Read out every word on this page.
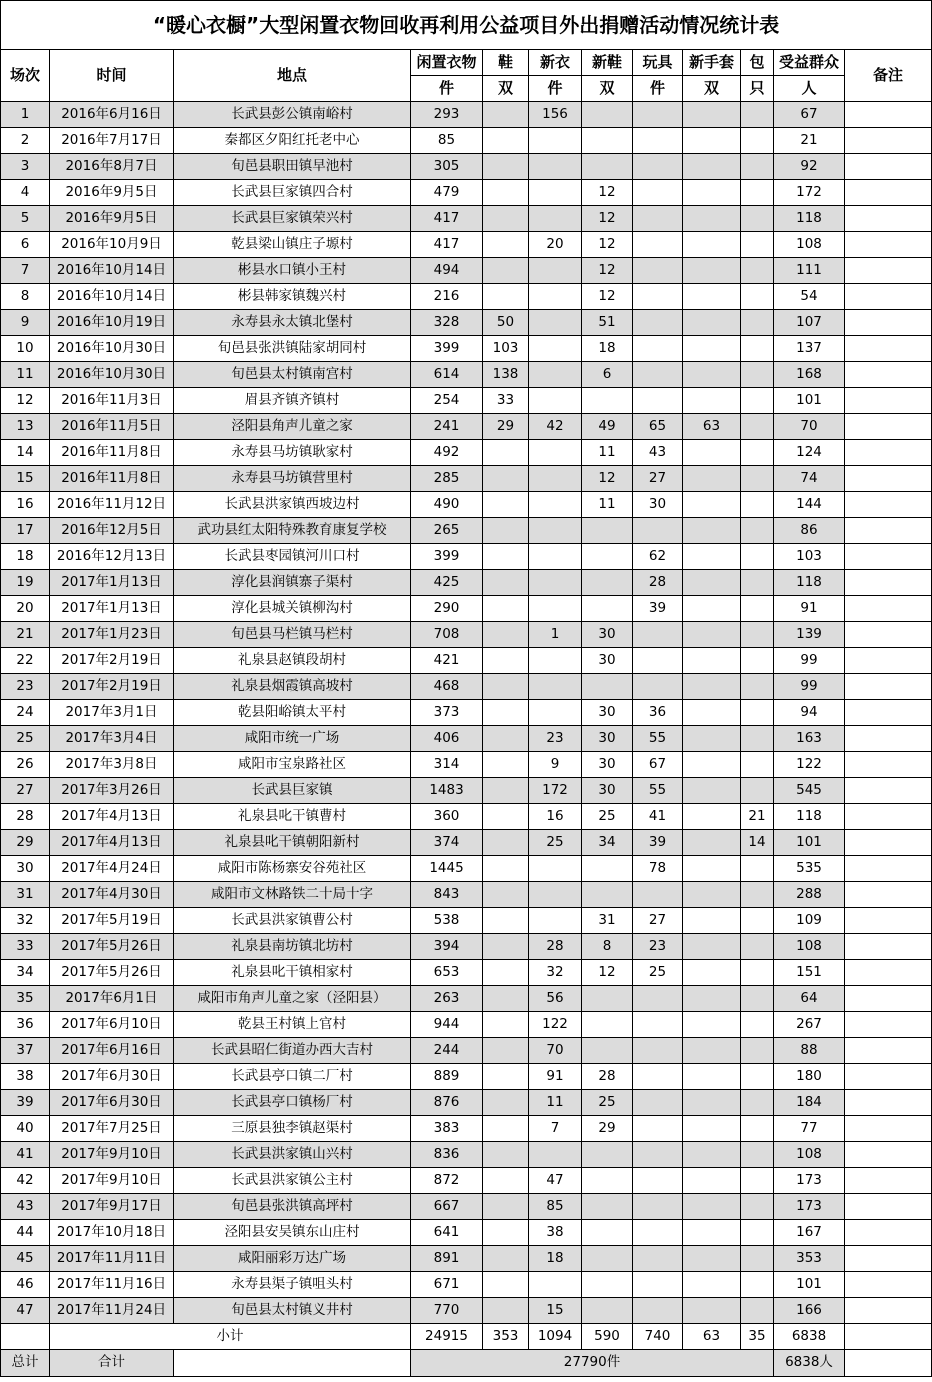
“暖心衣橱”大型闲置衣物回收再利用公益项目外出捐赠活动情况统计表											
场次	时间	地点	闲置衣物	鞋	新衣	新鞋	玩具	新手套	包	受益群众	备注
			件	双	件	双	件	双	只	人	
1	2016年6月16日	长武县彭公镇南峪村	293		156					67	
2	2016年7月17日	秦都区夕阳红托老中心	85							21	
3	2016年8月7日	旬邑县职田镇早池村	305							92	
4	2016年9月5日	长武县巨家镇四合村	479			12				172	
5	2016年9月5日	长武县巨家镇荣兴村	417			12				118	
6	2016年10月9日	乾县梁山镇庄子塬村	417		20	12				108	
7	2016年10月14日	彬县水口镇小王村	494			12				111	
8	2016年10月14日	彬县韩家镇魏兴村	216			12				54	
9	2016年10月19日	永寿县永太镇北堡村	328	50		51				107	
10	2016年10月30日	旬邑县张洪镇陆家胡同村	399	103		18				137	
11	2016年10月30日	旬邑县太村镇南宫村	614	138		6				168	
12	2016年11月3日	眉县齐镇齐镇村	254	33						101	
13	2016年11月5日	泾阳县角声儿童之家	241	29	42	49	65	63		70	
14	2016年11月8日	永寿县马坊镇耿家村	492			11	43			124	
15	2016年11月8日	永寿县马坊镇营里村	285			12	27			74	
16	2016年11月12日	长武县洪家镇西坡边村	490			11	30			144	
17	2016年12月5日	武功县红太阳特殊教育康复学校	265							86	
18	2016年12月13日	长武县枣园镇河川口村	399				62			103	
19	2017年1月13日	淳化县润镇寨子渠村	425				28			118	
20	2017年1月13日	淳化县城关镇柳沟村	290				39			91	
21	2017年1月23日	旬邑县马栏镇马栏村	708		1	30				139	
22	2017年2月19日	礼泉县赵镇段胡村	421			30				99	
23	2017年2月19日	礼泉县烟霞镇高坡村	468							99	
24	2017年3月1日	乾县阳峪镇太平村	373			30	36			94	
25	2017年3月4日	咸阳市统一广场	406		23	30	55			163	
26	2017年3月8日	咸阳市宝泉路社区	314		9	30	67			122	
27	2017年3月26日	长武县巨家镇	1483		172	30	55			545	
28	2017年4月13日	礼泉县叱干镇曹村	360		16	25	41		21	118	
29	2017年4月13日	礼泉县叱干镇朝阳新村	374		25	34	39		14	101	
30	2017年4月24日	咸阳市陈杨寨安谷苑社区	1445				78			535	
31	2017年4月30日	咸阳市文林路铁二十局十字	843							288	
32	2017年5月19日	长武县洪家镇曹公村	538			31	27			109	
33	2017年5月26日	礼泉县南坊镇北坊村	394		28	8	23			108	
34	2017年5月26日	礼泉县叱干镇相家村	653		32	12	25			151	
35	2017年6月1日	咸阳市角声儿童之家（泾阳县）	263		56					64	
36	2017年6月10日	乾县王村镇上官村	944		122					267	
37	2017年6月16日	长武县昭仁街道办西大吉村	244		70					88	
38	2017年6月30日	长武县亭口镇二厂村	889		91	28				180	
39	2017年6月30日	长武县亭口镇杨厂村	876		11	25				184	
40	2017年7月25日	三原县独李镇赵渠村	383		7	29				77	
41	2017年9月10日	长武县洪家镇山兴村	836							108	
42	2017年9月10日	长武县洪家镇公主村	872		47					173	
43	2017年9月17日	旬邑县张洪镇高坪村	667		85					173	
44	2017年10月18日	泾阳县安吴镇东山庄村	641		38					167	
45	2017年11月11日	咸阳丽彩万达广场	891		18					353	
46	2017年11月16日	永寿县渠子镇咀头村	671							101	
47	2017年11月24日	旬邑县太村镇义井村	770		15					166	
	小计		24915	353	1094	590	740	63	35	6838	
总计	合计		27790件							6838人	
